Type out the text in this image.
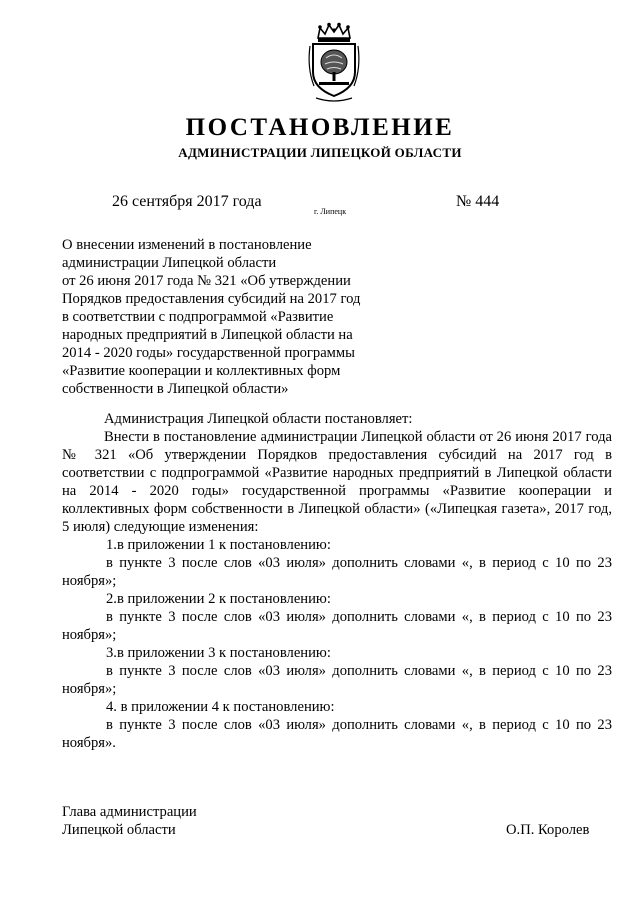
ПОСТАНОВЛЕНИЕ
АДМИНИСТРАЦИИ ЛИПЕЦКОЙ ОБЛАСТИ
26 сентября 2017 года
г. Липецк
№ 444
О внесении изменений в постановление
администрации Липецкой области
от 26 июня 2017 года № 321 «Об утверждении
Порядков предоставления субсидий на 2017 год
в соответствии с подпрограммой «Развитие
народных предприятий в Липецкой области на
2014 - 2020 годы» государственной программы
«Развитие кооперации и коллективных форм
собственности в Липецкой области»
Администрация Липецкой области постановляет:
Внести в постановление администрации Липецкой области от 26 июня 2017 года № 321 «Об утверждении Порядков предоставления субсидий на 2017 год в соответствии с подпрограммой «Развитие народных предприятий в Липецкой области на 2014 - 2020 годы» государственной программы «Развитие кооперации и коллективных форм собственности в Липецкой области» («Липецкая газета», 2017 год, 5 июля) следующие изменения:
1.в приложении 1 к постановлению:
в пункте 3 после слов «03 июля» дополнить словами «, в период с 10 по 23 ноября»;
2.в приложении 2 к постановлению:
в пункте 3 после слов «03 июля» дополнить словами «, в период с 10 по 23 ноября»;
3.в приложении 3 к постановлению:
в пункте 3 после слов «03 июля» дополнить словами «, в период с 10 по 23 ноября»;
4. в приложении 4 к постановлению:
в пункте 3 после слов «03 июля» дополнить словами «, в период с 10 по 23 ноября».
Глава администрации
Липецкой области	О.П. Королев
